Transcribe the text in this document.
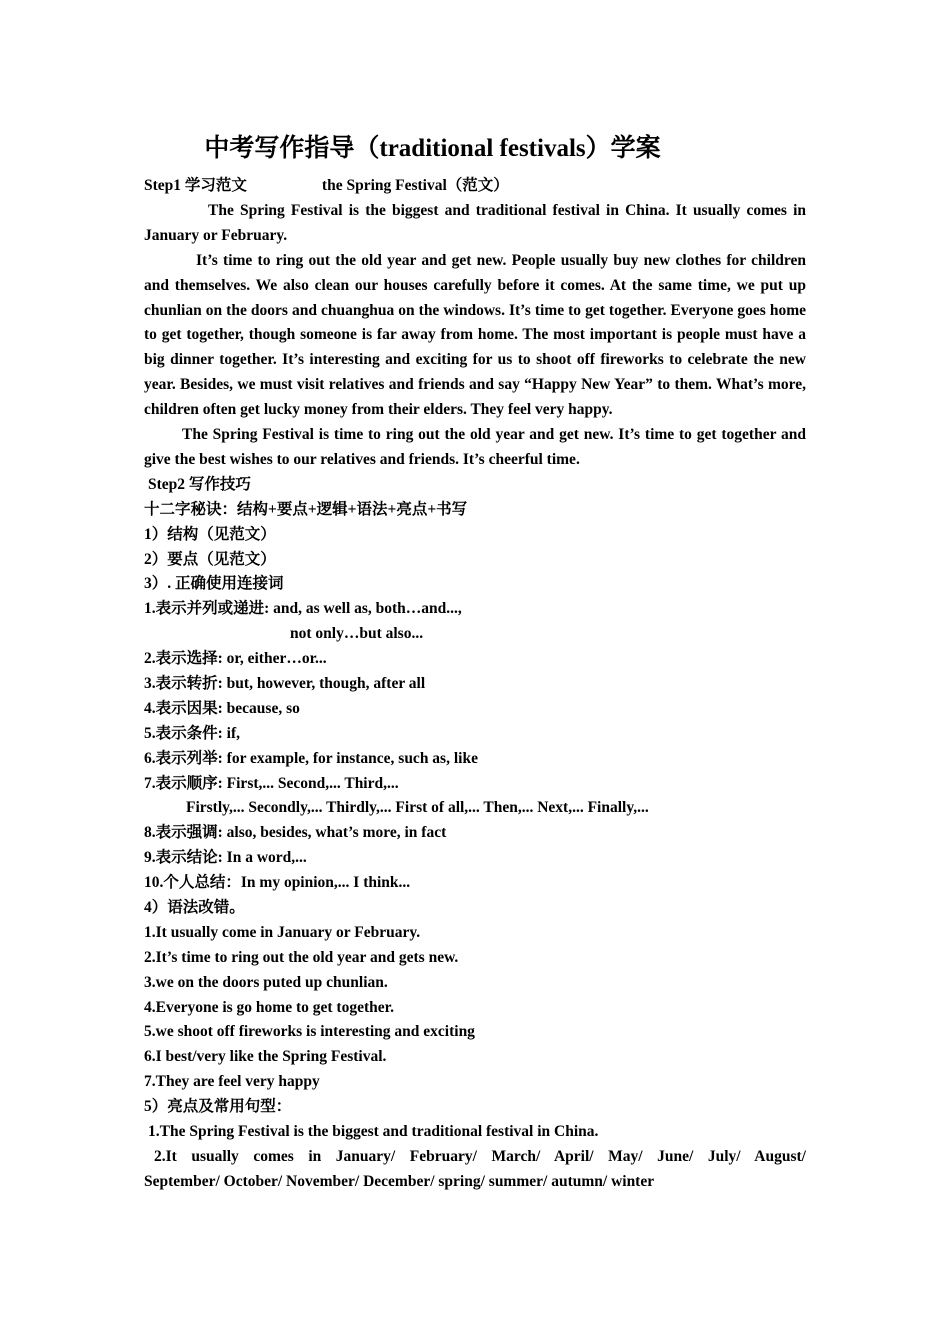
中考写作指导（traditional festivals）学案
Step1 学习范文	the Spring Festival（范文）
The Spring Festival is the biggest and traditional festival in China. It usually comes in January or February.
It’s time to ring out the old year and get new. People usually buy new clothes for children and themselves. We also clean our houses carefully before it comes. At the same time, we put up chunlian on the doors and chuanghua on the windows. It’s time to get together. Everyone goes home to get together, though someone is far away from home. The most important is people must have a big dinner together. It’s interesting and exciting for us to shoot off fireworks to celebrate the new year. Besides, we must visit relatives and friends and say “Happy New Year” to them. What’s more, children often get lucky money from their elders. They feel very happy.
The Spring Festival is time to ring out the old year and get new. It’s time to get together and give the best wishes to our relatives and friends. It’s cheerful time.
Step2 写作技巧
十二字秘诀：结构+要点+逻辑+语法+亮点+书写
1）结构（见范文）
2）要点（见范文）
3）. 正确使用连接词
1.表示并列或递进: and, as well as, both…and...,
not only…but also...
2.表示选择: or, either…or...
3.表示转折: but, however, though, after all
4.表示因果: because, so
5.表示条件: if,
6.表示列举: for example, for instance, such as, like
7.表示顺序: First,... Second,... Third,...
Firstly,... Secondly,... Thirdly,... First of all,... Then,... Next,... Finally,...
8.表示强调: also, besides, what’s more, in fact
9.表示结论: In a word,...
10.个人总结：In my opinion,... I think...
4）语法改错。
1.It usually come in January or February.
2.It’s time to ring out the old year and gets new.
3.we on the doors puted up chunlian.
4.Everyone is go home to get together.
5.we shoot off fireworks is interesting and exciting
6.I best/very like the Spring Festival.
7.They are feel very happy
5）亮点及常用句型：
1.The Spring Festival is the biggest and traditional festival in China.
2.It usually comes in January/ February/ March/ April/ May/ June/ July/ August/
September/ October/ November/ December/ spring/ summer/ autumn/ winter
